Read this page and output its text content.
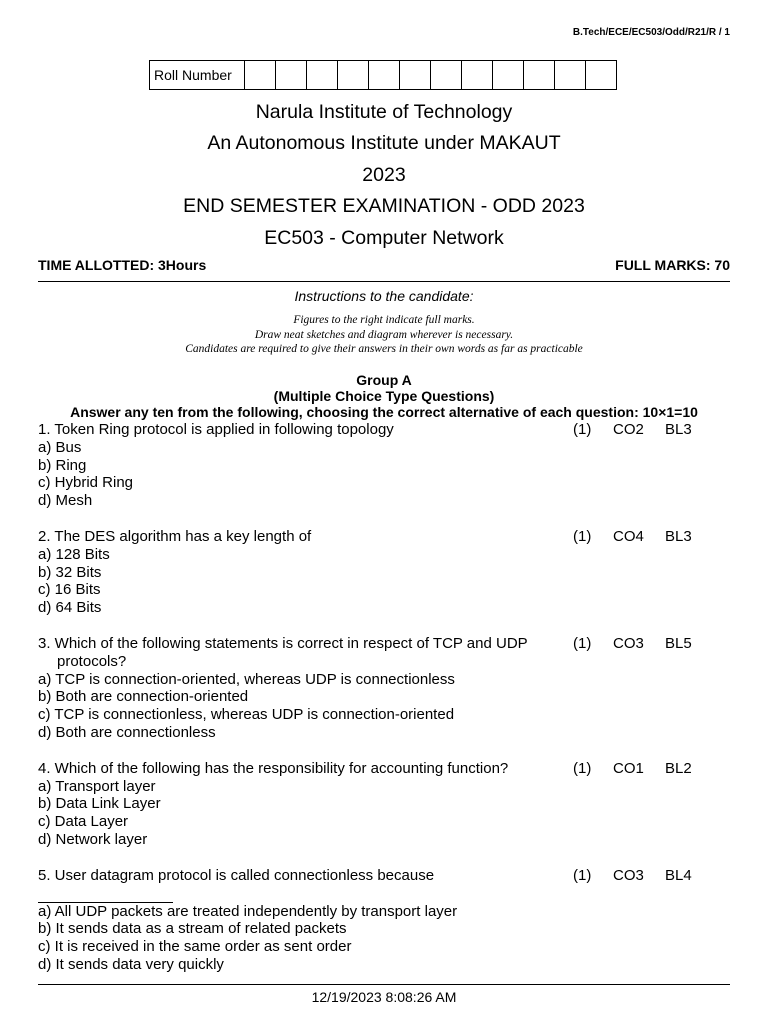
B.Tech/ECE/EC503/Odd/R21/R / 1
Roll Number												
Narula Institute of Technology
An Autonomous Institute under MAKAUT
2023
END SEMESTER EXAMINATION - ODD 2023
EC503 - Computer Network
TIME ALLOTTED: 3Hours	FULL MARKS: 70
Instructions to the candidate:
Figures to the right indicate full marks.
Draw neat sketches and diagram wherever is necessary.
Candidates are required to give their answers in their own words as far as practicable
Group A
(Multiple Choice Type Questions)
Answer any ten from the following, choosing the correct alternative of each question: 10×1=10
1. Token Ring protocol is applied in following topology	(1) CO2 BL3
a) Bus
b) Ring
c) Hybrid Ring
d) Mesh
2. The DES algorithm has a key length of	(1) CO4 BL3
a) 128 Bits
b) 32 Bits
c) 16 Bits
d) 64 Bits
3. Which of the following statements is correct in respect of TCP and UDP protocols?
(1) CO3 BL5
a) TCP is connection-oriented, whereas UDP is connectionless
b) Both are connection-oriented
c) TCP is connectionless, whereas UDP is connection-oriented
d) Both are connectionless
4. Which of the following has the responsibility for accounting function?	(1) CO1 BL2
a) Transport layer
b) Data Link Layer
c) Data Layer
d) Network layer
5. User datagram protocol is called connectionless because	(1) CO3 BL4
a) All UDP packets are treated independently by transport layer
b) It sends data as a stream of related packets
c) It is received in the same order as sent order
d) It sends data very quickly
12/19/2023 8:08:26 AM
